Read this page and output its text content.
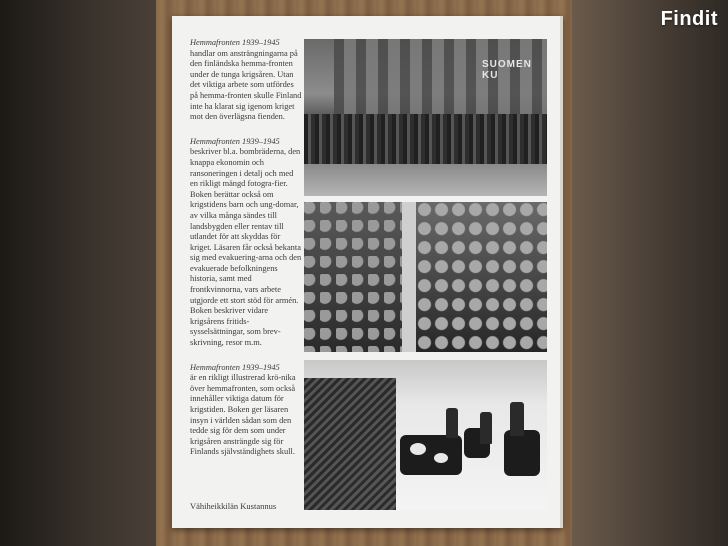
Hemmafronten 1939–1945
handlar om ansträngningarna på den finländska hemma-fronten under de tunga krigsåren. Utan det viktiga arbete som utfördes på hemma-fronten skulle Finland inte ha klarat sig igenom kriget mot den överlägsna fienden.

Hemmafronten 1939–1945
beskriver bl.a. bombräderna, den knappa ekonomin och ransoneringen i detalj och med en rikligt mängd fotogra-fier. Boken berättar också om krigstidens barn och ung-domar, av vilka många sändes till landsbygden eller rentav till utlandet för att skyddas för kriget. Läsaren får också bekanta sig med evakuering-arna och den evakuerade befolkningens historia, samt med frontkvinnorna, vars arbete utgjorde ett stort stöd för armén. Boken beskriver vidare krigsårens fritids-sysselsättningar, som brev-skrivning, resor m.m.

Hemmafronten 1939–1945
är en rikligt illustrerad krö-nika över hemmafronten, som också innehåller viktiga datum för krigstiden. Boken ger läsaren insyn i världen sådan som den tedde sig för dem som under krigsåren ansträngde sig för Finlands självständighets skull.

Vähiheikkilän Kustannus
SUOMEN KU
Findit
